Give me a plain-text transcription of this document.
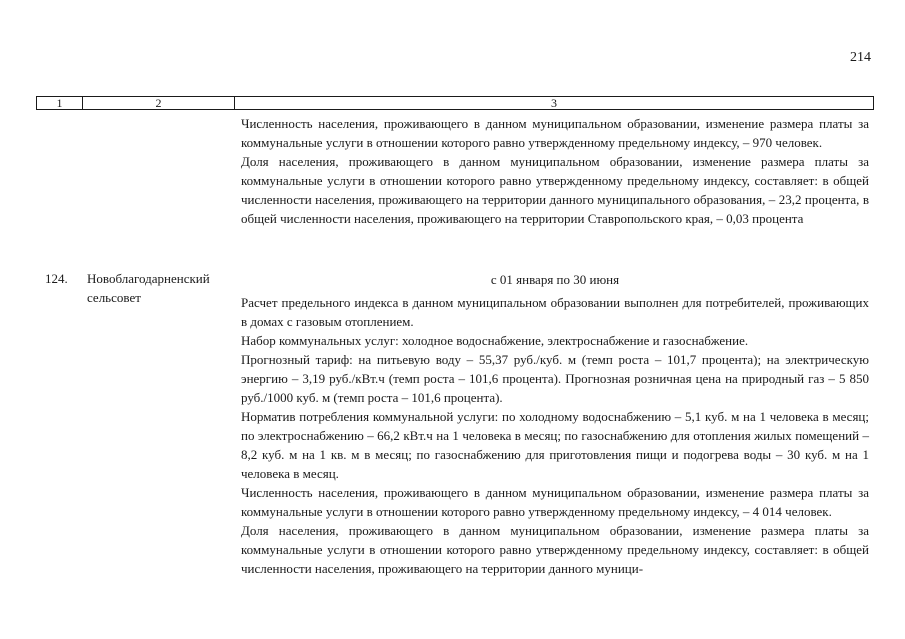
214
1	2	3

Численность населения, проживающего в данном муниципальном образовании, изменение размера платы за коммунальные услуги в отношении которого равно утвержденному предельному индексу, – 970 человек.

Доля населения, проживающего в данном муниципальном образовании, изменение размера платы за коммунальные услуги в отношении которого равно утвержденному предельному индексу, составляет: в общей численности населения, проживающего на территории данного муниципального образования, – 23,2 процента, в общей численности населения, проживающего на территории Ставропольского края, – 0,03 процента

124. Новоблагодарненский сельсовет
с 01 января по 30 июня

Расчет предельного индекса в данном муниципальном образовании выполнен для потребителей, проживающих в домах с газовым отоплением.

Набор коммунальных услуг: холодное водоснабжение, электроснабжение и газоснабжение.

Прогнозный тариф: на питьевую воду – 55,37 руб./куб. м (темп роста – 101,7 процента); на электрическую энергию – 3,19 руб./кВт.ч (темп роста – 101,6 процента). Прогнозная розничная цена на природный газ – 5 850 руб./1000 куб. м (темп роста – 101,6 процента).

Норматив потребления коммунальной услуги: по холодному водоснабжению – 5,1 куб. м на 1 человека в месяц; по электроснабжению – 66,2 кВт.ч на 1 человека в месяц; по газоснабжению для отопления жилых помещений – 8,2 куб. м на 1 кв. м в месяц; по газоснабжению для приготовления пищи и подогрева воды – 30 куб. м на 1 человека в месяц.

Численность населения, проживающего в данном муниципальном образовании, изменение размера платы за коммунальные услуги в отношении которого равно утвержденному предельному индексу, – 4 014 человек.

Доля населения, проживающего в данном муниципальном образовании, изменение размера платы за коммунальные услуги в отношении которого равно утвержденному предельному индексу, составляет: в общей численности населения, проживающего на территории данного муници-
